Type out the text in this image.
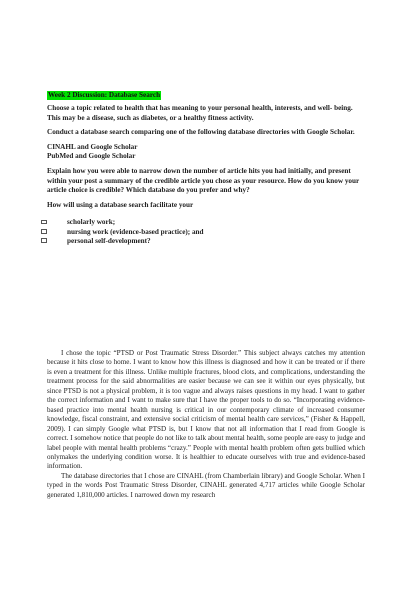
Week 2 Discussion: Database Search

Choose a topic related to health that has meaning to your personal health, interests, and well- being. This may be a disease, such as diabetes, or a healthy fitness activity.

Conduct a database search comparing one of the following database directories with Google Scholar.

CINAHL and Google Scholar

PubMed and Google Scholar

Explain how you were able to narrow down the number of article hits you had initially, and present within your post a summary of the credible article you chose as your resource. How do you know your article choice is credible? Which database do you prefer and why?

How will using a database search facilitate your

scholarly work;
nursing work (evidence-based practice); and
personal self-development?

I chose the topic “PTSD or Post Traumatic Stress Disorder.” This subject always catches my attention because it hits close to home. I want to know how this illness is diagnosed and how it can be treated or if there is even a treatment for this illness. Unlike multiple fractures, blood clots, and complications, understanding the treatment process for the said abnormalities are easier because we can see it within our eyes physically, but since PTSD is not a physical problem, it is too vague and always raises questions in my head. I want to gather the correct information and I want to make sure that I have the proper tools to do so. “Incorporating evidence-based practice into mental health nursing is critical in our contemporary climate of increased consumer knowledge, fiscal constraint, and extensive social criticism of mental health care services,” (Fisher & Happell, 2009). I can simply Google what PTSD is, but I know that not all information that I read from Google is correct. I somehow notice that people do not like to talk about mental health, some people are easy to judge and label people with mental health problems “crazy.” People with mental health problem often gets bullied which onlymakes the underlying condition worse. It is healthier to educate ourselves with true and evidence-based information.

The database directories that I chose are CINAHL (from Chamberlain library) and Google Scholar. When I typed in the words Post Traumatic Stress Disorder, CINAHL generated 4,717 articles while Google Scholar generated 1,810,000 articles. I narrowed down my research
